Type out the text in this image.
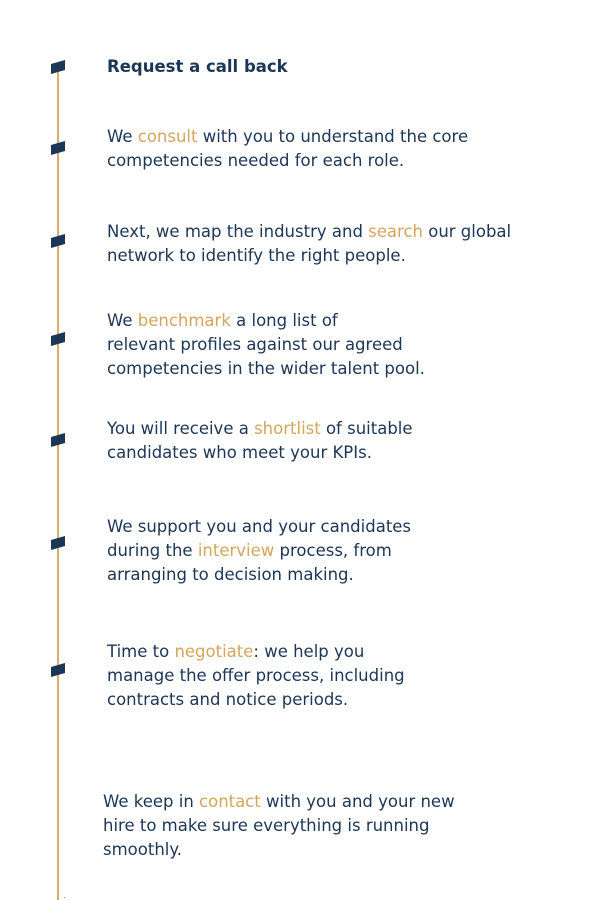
Request a call back

We consult with you to understand the core
competencies needed for each role.

Next, we map the industry and search our global
network to identify the right people.

We benchmark a long list of
relevant profiles against our agreed
competencies in the wider talent pool.

You will receive a shortlist of suitable
candidates who meet your KPIs.

We support you and your candidates
during the interview process, from
arranging to decision making.

Time to negotiate: we help you
manage the offer process, including
contracts and notice periods.

We keep in contact with you and your new
hire to make sure everything is running
smoothly.
